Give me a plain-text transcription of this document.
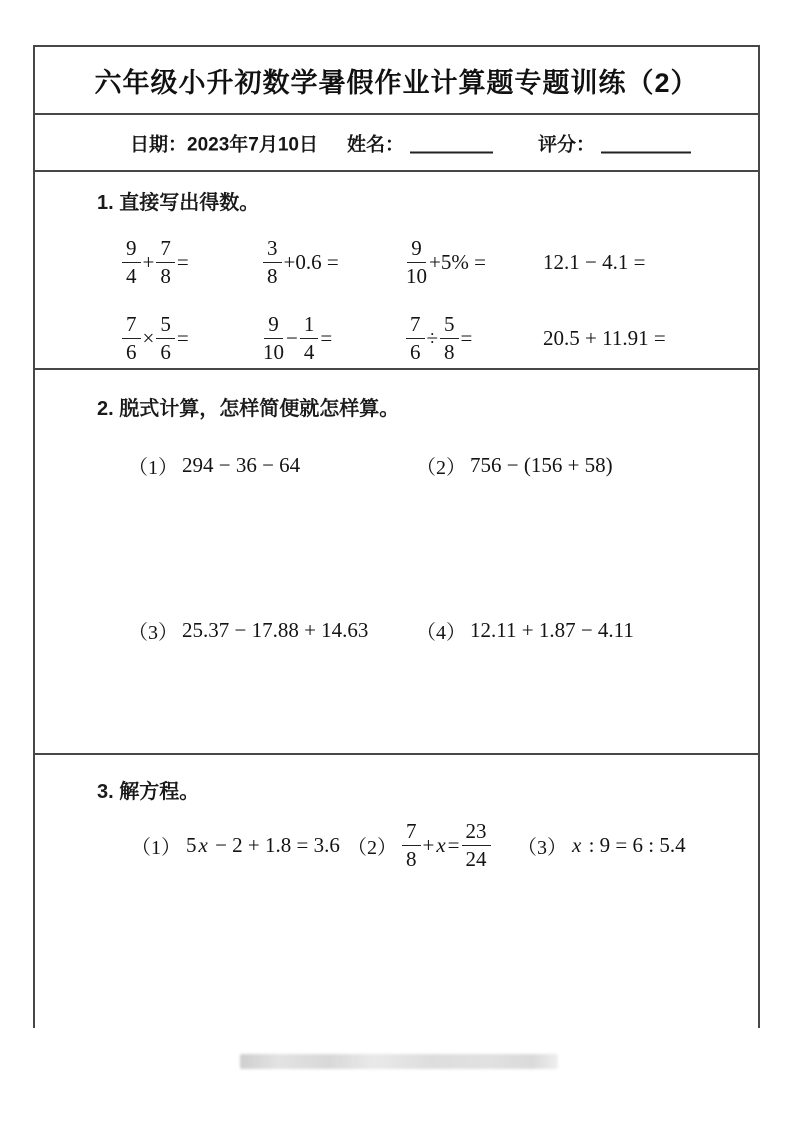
六年级小升初数学暑假作业计算题专题训练（2）
日期：2023年7月10日 姓名：	评分：

1. 直接写出得数。

$\frac{9}{4} + \frac{7}{8}$ =	$\frac{3}{8} +0.6$ =	$\frac{9}{10} +5\%$ =	12.1 − 4.1 =
$\frac{7}{6} \times \frac{5}{6}$ =	$\frac{9}{10} - \frac{1}{4}$ =	$\frac{7}{6} \div \frac{5}{8}$ =	20.5 + 11.91 =

2. 脱式计算，怎样简便就怎样算。

（1） 294 − 36 − 64	（2） 756 − (156 + 58)
（3） 25.37 − 17.88 + 14.63 （4） 12.11 + 1.87 − 4.11

3. 解方程。

（1） 5 x − 2 + 1.8 = 3.6 $(2) \frac{7}{8} + x = \frac{23}{24} (3)$ x : 9 = 6 : 5.4
